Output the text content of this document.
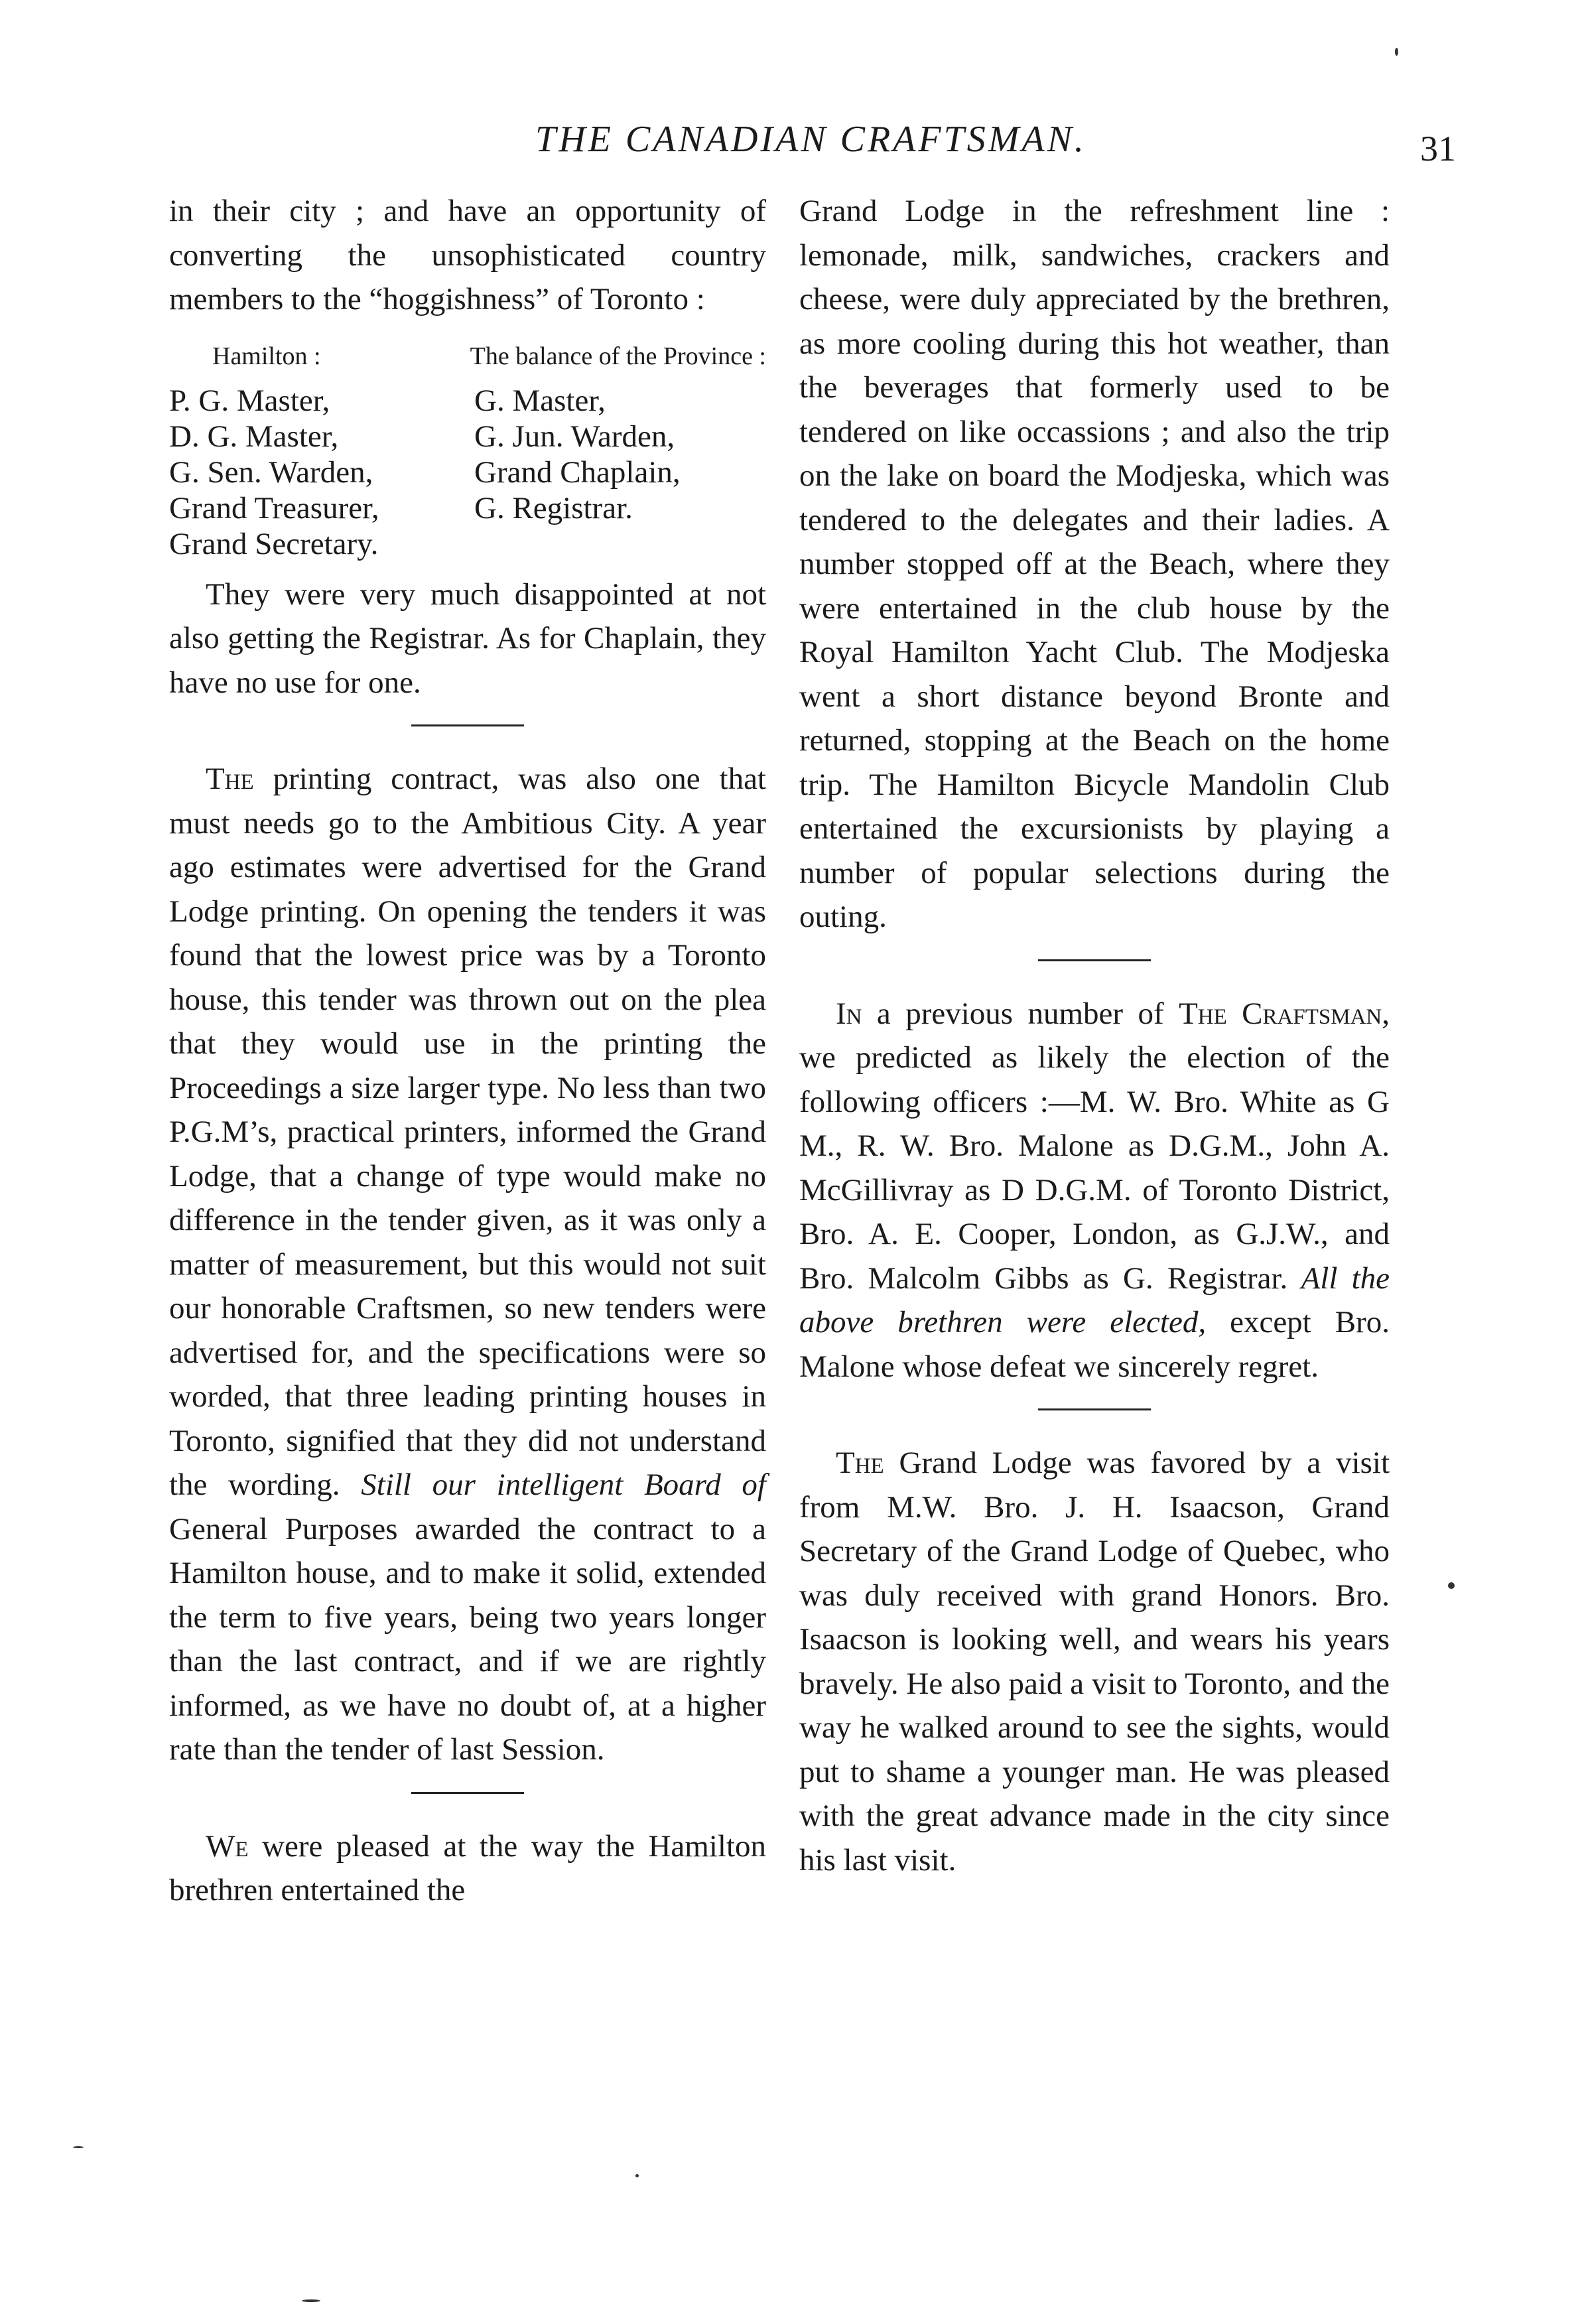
THE CANADIAN CRAFTSMAN.	31

in their city ; and have an opportunity of converting the unsophisticated country members to the “hoggishness” of Toronto :

Hamilton :	The balance of the Province :
P. G. Master,	G. Master,
D. G. Master,	G. Jun. Warden,
G. Sen. Warden,	Grand Chaplain,
Grand Treasurer,	G. Registrar.
Grand Secretary.

They were very much disappointed at not also getting the Registrar. As for Chaplain, they have no use for one.

The printing contract, was also one that must needs go to the Ambitious City. A year ago estimates were advertised for the Grand Lodge printing. On opening the tenders it was found that the lowest price was by a Toronto house, this tender was thrown out on the plea that they would use in the printing the Proceedings a size larger type. No less than two P.G.M’s, practical printers, informed the Grand Lodge, that a change of type would make no difference in the tender given, as it was only a matter of measurement, but this would not suit our honorable Craftsmen, so new tenders were advertised for, and the specifications were so worded, that three leading printing houses in Toronto, signified that they did not understand the wording. Still our intelligent Board of General Purposes awarded the contract to a Hamilton house, and to make it solid, extended the term to five years, being two years longer than the last contract, and if we are rightly informed, as we have no doubt of, at a higher rate than the tender of last Session.

We were pleased at the way the Hamilton brethren entertained the

Grand Lodge in the refreshment line : lemonade, milk, sandwiches, crackers and cheese, were duly appreciated by the brethren, as more cooling during this hot weather, than the beverages that formerly used to be tendered on like occassions ; and also the trip on the lake on board the Modjeska, which was tendered to the delegates and their ladies. A number stopped off at the Beach, where they were entertained in the club house by the Royal Hamilton Yacht Club. The Modjeska went a short distance beyond Bronte and returned, stopping at the Beach on the home trip. The Hamilton Bicycle Mandolin Club entertained the excursionists by playing a number of popular selections during the outing.

In a previous number of The Craftsman, we predicted as likely the election of the following officers :—M. W. Bro. White as G M., R. W. Bro. Malone as D.G.M., John A. McGillivray as D D.G.M. of Toronto District, Bro. A. E. Cooper, London, as G.J.W., and Bro. Malcolm Gibbs as G. Registrar. All the above brethren were elected, except Bro. Malone whose defeat we sincerely regret.

The Grand Lodge was favored by a visit from M.W. Bro. J. H. Isaacson, Grand Secretary of the Grand Lodge of Quebec, who was duly received with grand Honors. Bro. Isaacson is looking well, and wears his years bravely. He also paid a visit to Toronto, and the way he walked around to see the sights, would put to shame a younger man. He was pleased with the great advance made in the city since his last visit.
